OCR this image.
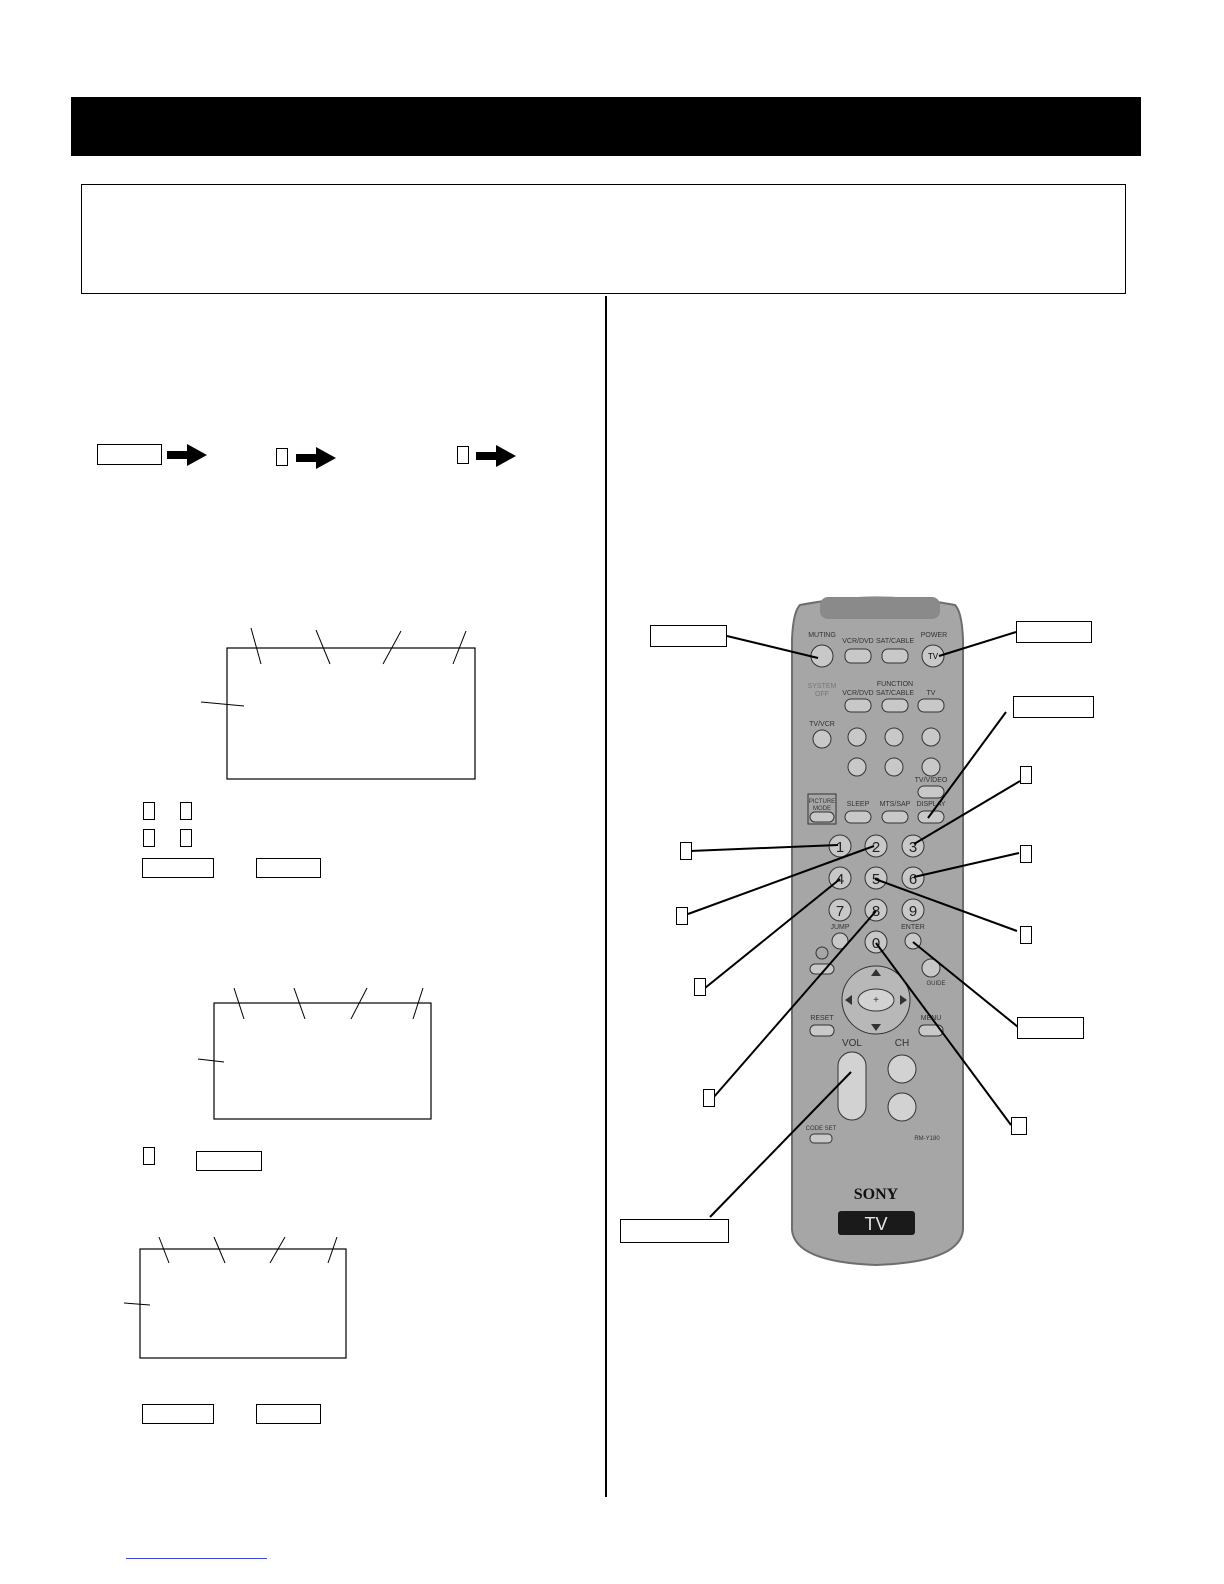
MUTING
VCR/DVD SAT/CABLE
POWER
TV
FUNCTION
SYSTEM
OFF VCR/DVD SAT/CABLE TV
TV/VCR
TV/VIDEO
PICTURE
MODE
SLEEP MTS/SAP DISPLAY
1 2 3
4 5 6
7 8 9
0
JUMP	ENTER
GUIDE
+
RESET	MENU
VOL	CH
CODE SET
RM-Y180
SONY
TV
